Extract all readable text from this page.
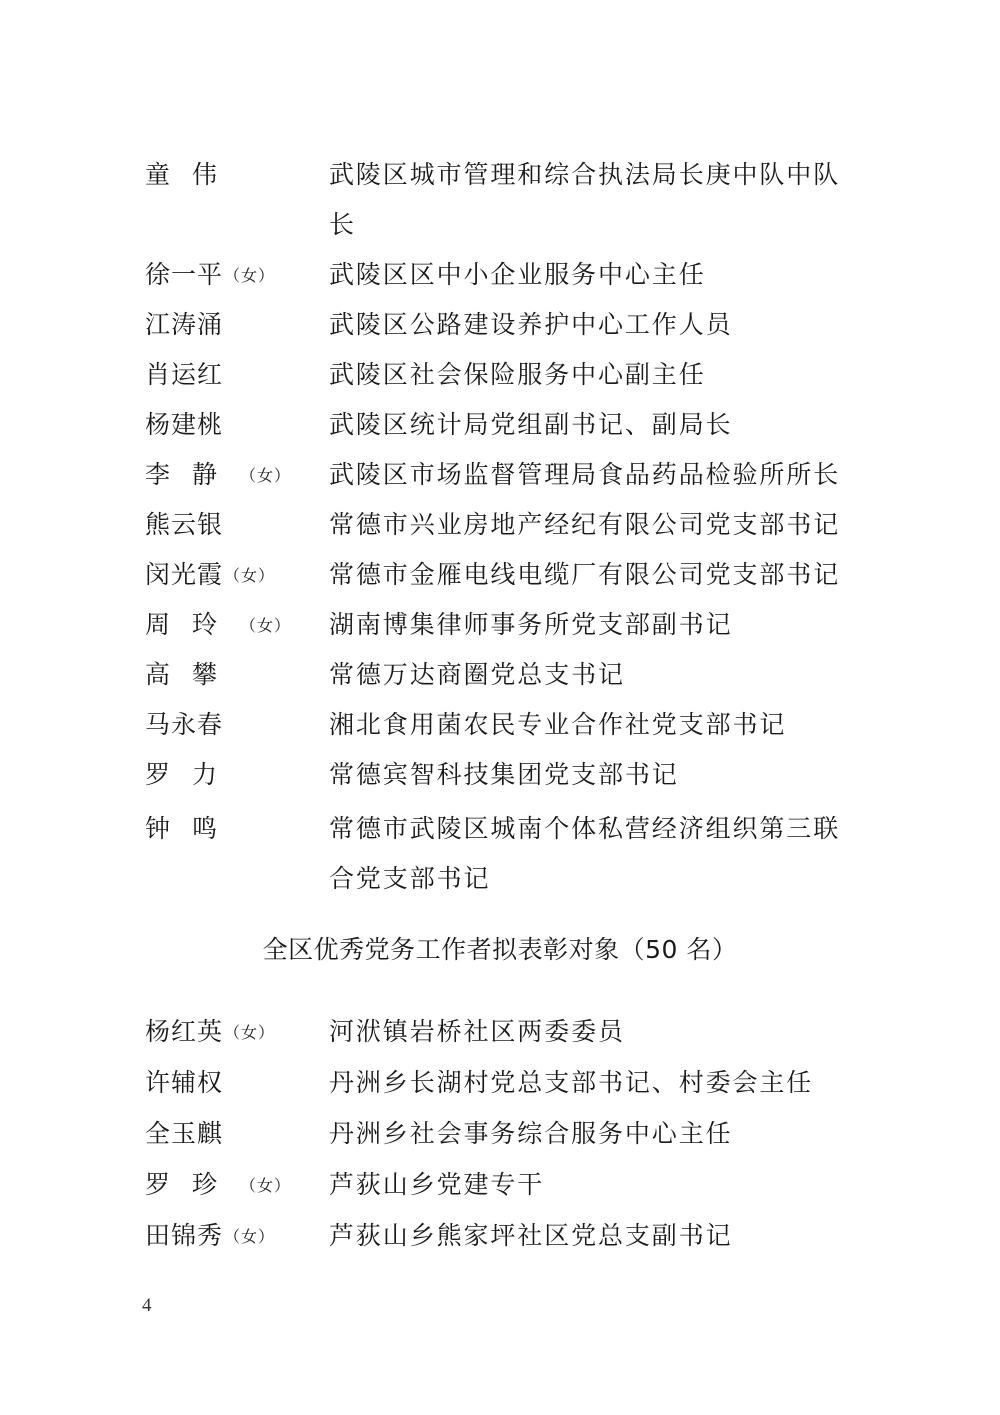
童伟	武陵区城市管理和综合执法局长庚中队中队
长
徐一平（女） 武陵区区中小企业服务中心主任
江涛涌	武陵区公路建设养护中心工作人员
肖运红	武陵区社会保险服务中心副主任
杨建桃	武陵区统计局党组副书记、副局长
李静（女） 武陵区市场监督管理局食品药品检验所所长
熊云银	常德市兴业房地产经纪有限公司党支部书记
闵光霞（女） 常德市金雁电线电缆厂有限公司党支部书记
周玲（女） 湖南博集律师事务所党支部副书记
高攀	常德万达商圈党总支书记
马永春	湘北食用菌农民专业合作社党支部书记
罗力	常德宾智科技集团党支部书记
钟鸣	常德市武陵区城南个体私营经济组织第三联
合党支部书记
全区优秀党务工作者拟表彰对象（50 名）
杨红英（女） 河洑镇岩桥社区两委委员
许辅权	丹洲乡长湖村党总支部书记、村委会主任
全玉麒	丹洲乡社会事务综合服务中心主任
罗珍（女） 芦荻山乡党建专干
田锦秀（女） 芦荻山乡熊家坪社区党总支副书记
4
